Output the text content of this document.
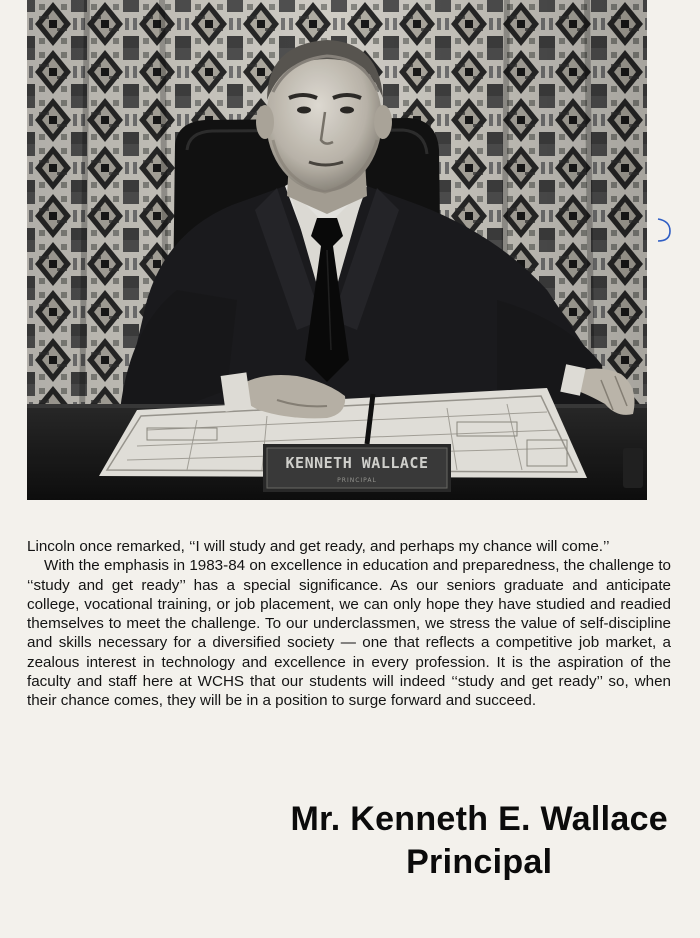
KENNETH WALLACE
PRINCIPAL

Lincoln once remarked, ‘‘I will study and get ready, and perhaps my chance will come.’’

With the emphasis in 1983-84 on excellence in education and preparedness, the challenge to ‘‘study and get ready’’ has a special significance. As our seniors graduate and anticipate college, vocational training, or job placement, we can only hope they have studied and readied themselves to meet the challenge. To our underclassmen, we stress the value of self-discipline and skills necessary for a diversified society — one that reflects a competitive job market, a zealous interest in technology and excellence in every profession. It is the aspiration of the faculty and staff here at WCHS that our students will indeed ‘‘study and get ready’’ so, when their chance comes, they will be in a position to surge forward and succeed.

Mr. Kenneth E. Wallace
Principal
